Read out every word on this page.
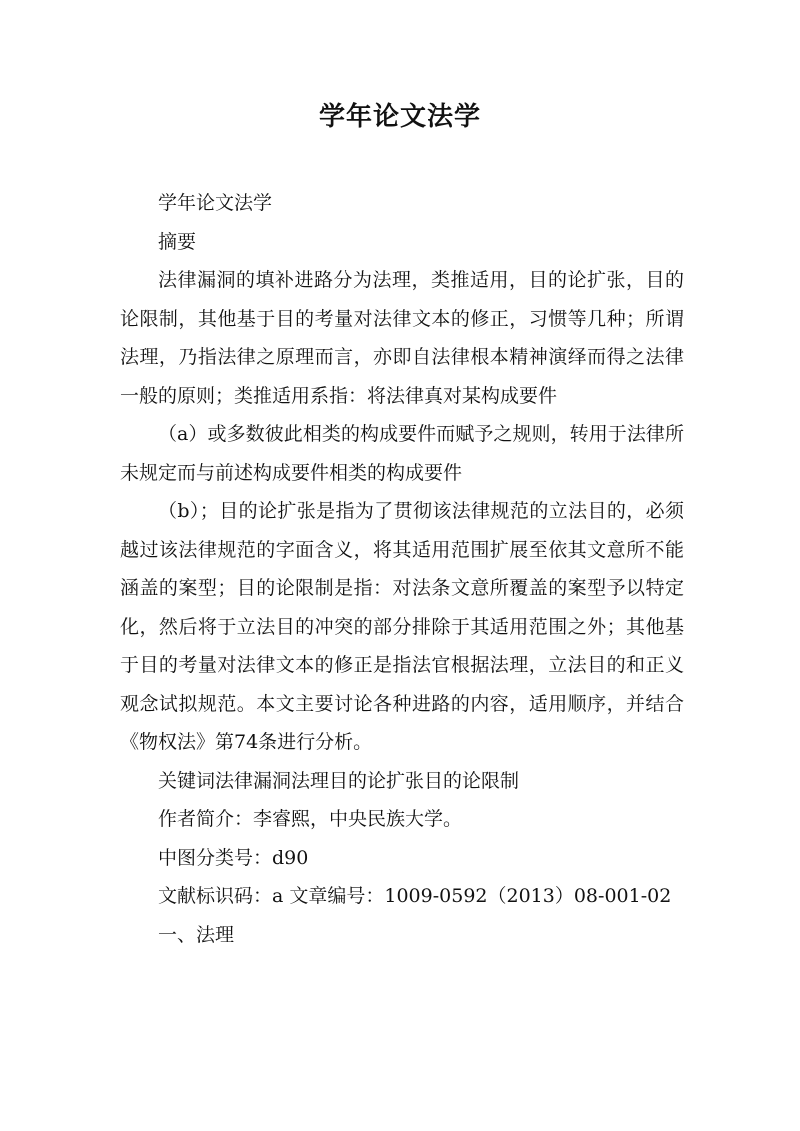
学年论文法学

学年论文法学

摘要

法律漏洞的填补进路分为法理，类推适用，目的论扩张，目的论限制，其他基于目的考量对法律文本的修正，习惯等几种；所谓法理，乃指法律之原理而言，亦即自法律根本精神演绎而得之法律一般的原则；类推适用系指：将法律真对某构成要件

（a）或多数彼此相类的构成要件而赋予之规则，转用于法律所未规定而与前述构成要件相类的构成要件

（b）；目的论扩张是指为了贯彻该法律规范的立法目的，必须越过该法律规范的字面含义，将其适用范围扩展至依其文意所不能涵盖的案型；目的论限制是指：对法条文意所覆盖的案型予以特定化，然后将于立法目的冲突的部分排除于其适用范围之外；其他基于目的考量对法律文本的修正是指法官根据法理，立法目的和正义观念试拟规范。本文主要讨论各种进路的内容，适用顺序，并结合《物权法》第74条进行分析。

关键词法律漏洞法理目的论扩张目的论限制

作者简介：李睿熙，中央民族大学。

中图分类号：d90

文献标识码：a 文章编号：1009-0592（2013）08-001-02

一、法理
